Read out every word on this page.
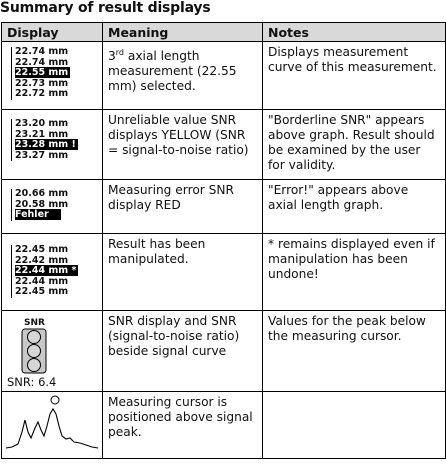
Summary of result displays
Display	Meaning	Notes

22.74 mm
22.74 mm
22.55 mm
22.73 mm
22.72 mm	3rd axial length measurement (22.55 mm) selected.	Displays measurement curve of this measurement.

23.20 mm
23.21 mm
23.28 mm !
23.27 mm	Unreliable value SNR displays YELLOW (SNR = signal-to-noise ratio)	"Borderline SNR" appears above graph. Result should be examined by the user for validity.

20.66 mm
20.58 mm
Fehler	Measuring error SNR display RED	"Error!" appears above axial length graph.

22.45 mm
22.42 mm
22.44 mm *
22.44 mm
22.45 mm	Result has been manipulated.	* remains displayed even if manipulation has been undone!

SNR
SNR: 6.4	SNR display and SNR (signal-to-noise ratio) beside signal curve	Values for the peak below the measuring cursor.
	Measuring cursor is positioned above signal peak.	
